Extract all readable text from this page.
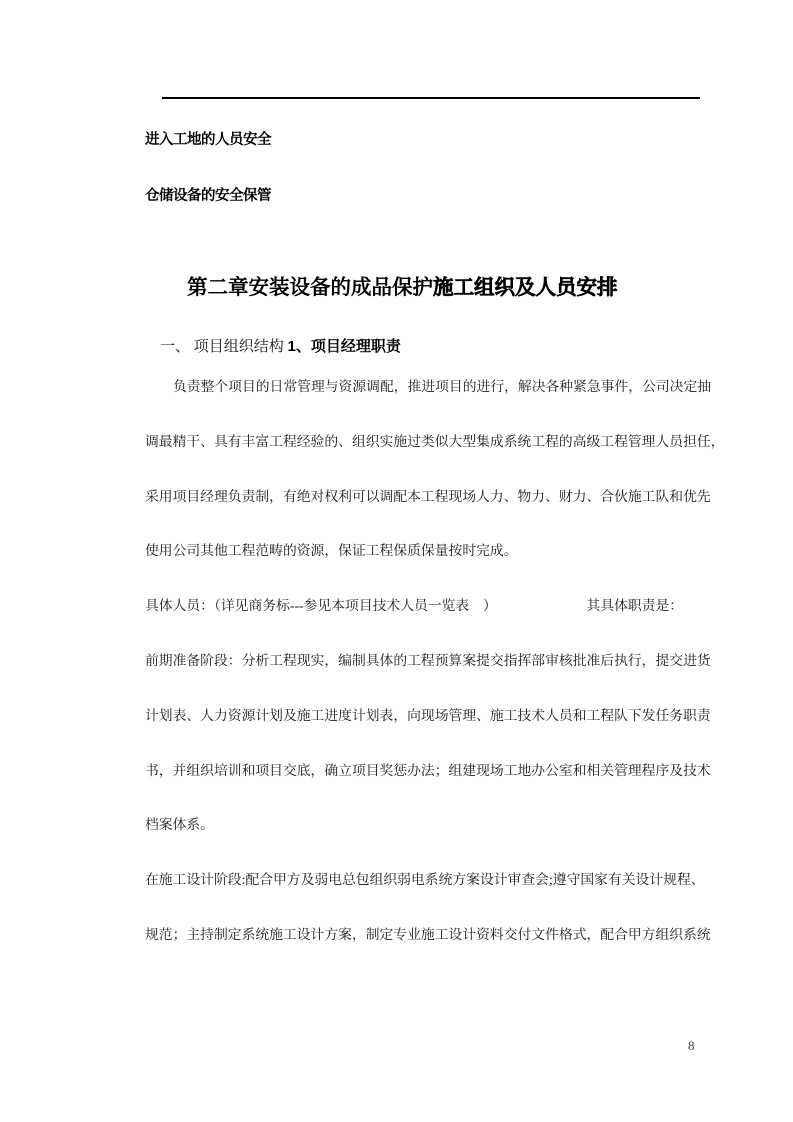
进入工地的人员安全
仓储设备的安全保管

第二章安装设备的成品保护施工组织及人员安排

一、 项目组织结构 1、项目经理职责

负责整个项目的日常管理与资源调配，推进项目的进行，解决各种紧急事件，公司决定抽
调最精干、具有丰富工程经验的、组织实施过类似大型集成系统工程的高级工程管理人员担任，
采用项目经理负责制，有绝对权利可以调配本工程现场人力、物力、财力、合伙施工队和优先
使用公司其他工程范畴的资源，保证工程保质保量按时完成。
具体人员：（详见商务标---参见本项目技术人员一览表　）　　　　　　　其具体职责是：
前期准备阶段：分析工程现实，编制具体的工程预算案提交指挥部审核批准后执行，提交进货
计划表、人力资源计划及施工进度计划表，向现场管理、施工技术人员和工程队下发任务职责
书，并组织培训和项目交底，确立项目奖惩办法；组建现场工地办公室和相关管理程序及技术
档案体系。
在施工设计阶段:配合甲方及弱电总包组织弱电系统方案设计审查会;遵守国家有关设计规程、
规范；主持制定系统施工设计方案，制定专业施工设计资料交付文件格式，配合甲方组织系统
8
